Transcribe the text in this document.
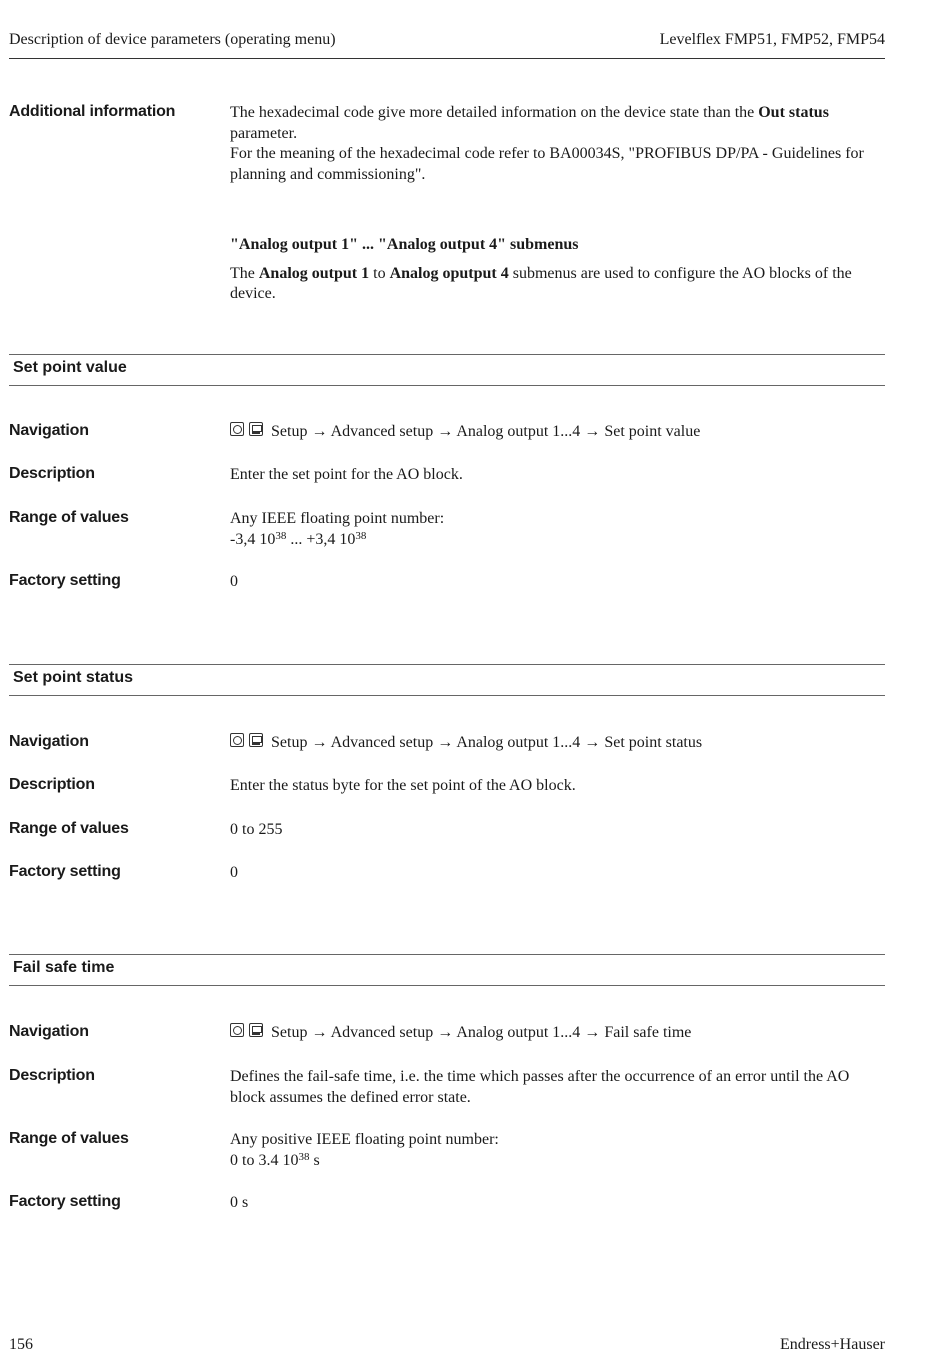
Description of device parameters (operating menu)	Levelflex FMP51, FMP52, FMP54
Additional information	The hexadecimal code give more detailed information on the device state than the Out status parameter.
For the meaning of the hexadecimal code refer to BA00034S, "PROFIBUS DP/PA - Guidelines for planning and commissioning".
"Analog output 1" ... "Analog output 4" submenus
The Analog output 1 to Analog oputput 4 submenus are used to configure the AO blocks of the device.
Set point value
Navigation	Setup → Advanced setup → Analog output 1...4 → Set point value
Description	Enter the set point for the AO block.
Range of values	Any IEEE floating point number:
-3,4 $10^{38}$ ... +3,4 $10^{38}$
Factory setting	0
Set point status
Navigation	Setup → Advanced setup → Analog output 1...4 → Set point status
Description	Enter the status byte for the set point of the AO block.
Range of values	0 to 255
Factory setting	0
Fail safe time
Navigation	Setup → Advanced setup → Analog output 1...4 → Fail safe time
Description	Defines the fail-safe time, i.e. the time which passes after the occurrence of an error until the AO block assumes the defined error state.
Range of values	Any positive IEEE floating point number:
0 to 3.4 $10^{38}$ s
Factory setting	0 s
156	Endress+Hauser
